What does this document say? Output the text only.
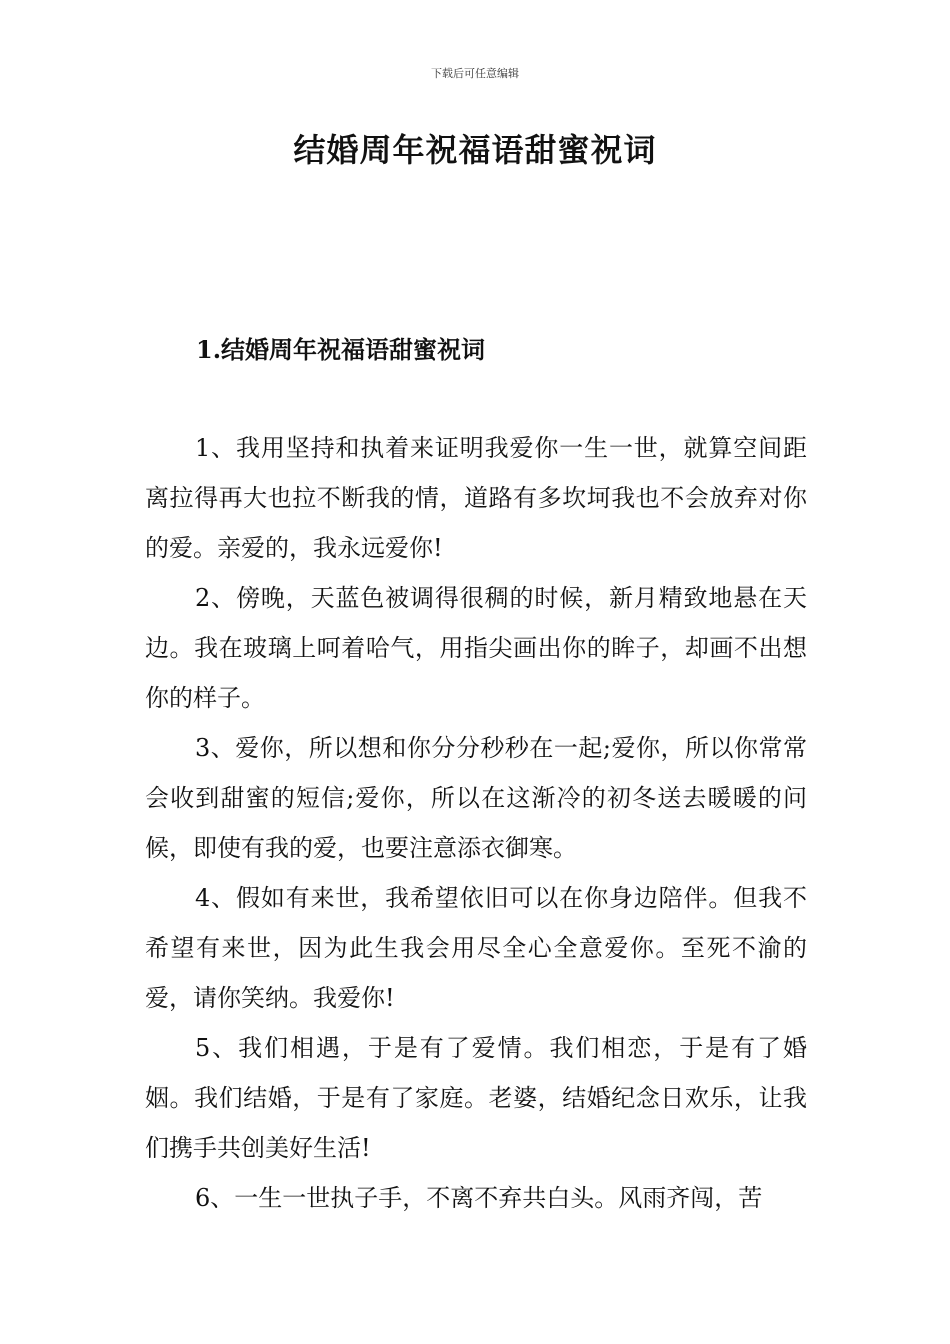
下载后可任意编辑
结婚周年祝福语甜蜜祝词
1.结婚周年祝福语甜蜜祝词

1、我用坚持和执着来证明我爱你一生一世，就算空间距离拉得再大也拉不断我的情，道路有多坎坷我也不会放弃对你的爱。亲爱的，我永远爱你!

2、傍晚，天蓝色被调得很稠的时候，新月精致地悬在天边。我在玻璃上呵着哈气，用指尖画出你的眸子，却画不出想你的样子。

3、爱你，所以想和你分分秒秒在一起;爱你，所以你常常会收到甜蜜的短信;爱你，所以在这渐冷的初冬送去暖暖的问候，即使有我的爱，也要注意添衣御寒。

4、假如有来世，我希望依旧可以在你身边陪伴。但我不希望有来世，因为此生我会用尽全心全意爱你。至死不渝的爱，请你笑纳。我爱你!

5、我们相遇，于是有了爱情。我们相恋，于是有了婚姻。我们结婚，于是有了家庭。老婆，结婚纪念日欢乐，让我们携手共创美好生活!

6、一生一世执子手，不离不弃共白头。风雨齐闯，苦
